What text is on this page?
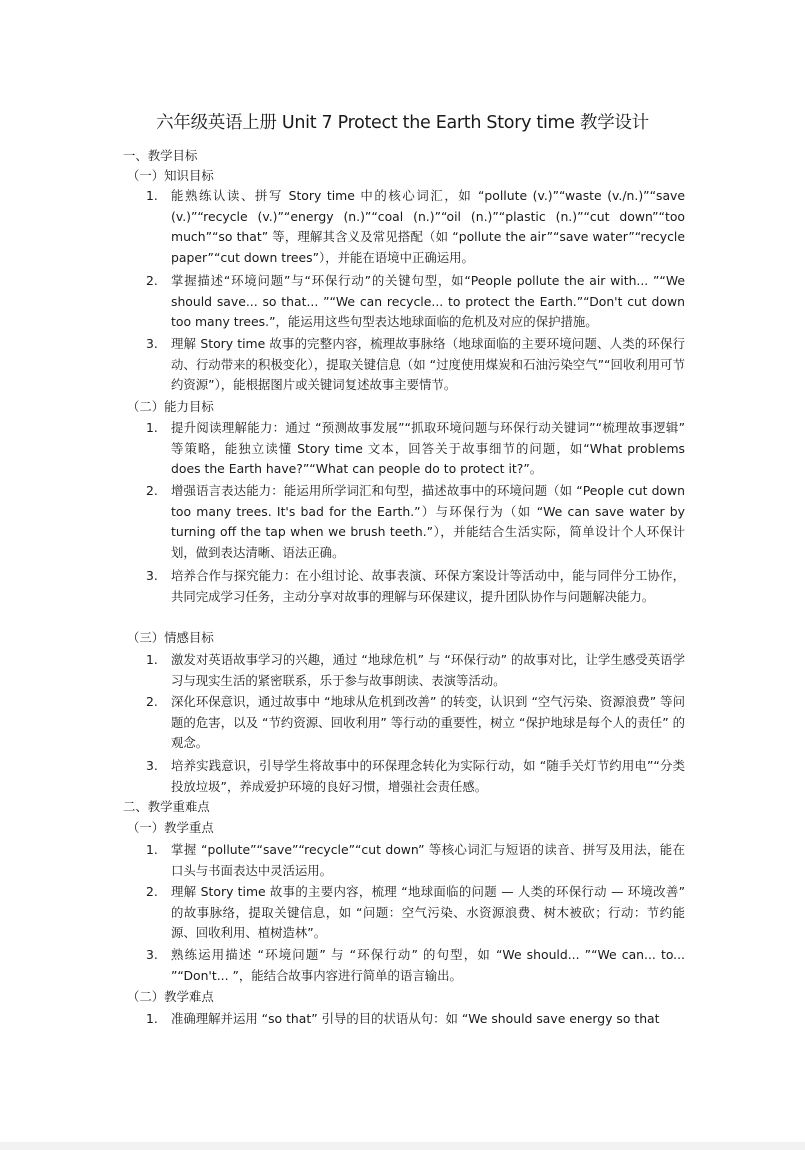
六年级英语上册 Unit 7 Protect the Earth Story time 教学设计
一、教学目标
（一）知识目标
1.	能熟练认读、拼写 Story time 中的核心词汇，如 “pollute (v.)”“waste (v./n.)”“save (v.)”“recycle (v.)”“energy (n.)”“coal (n.)”“oil (n.)”“plastic (n.)”“cut down”“too much”“so that” 等，理解其含义及常见搭配（如 “pollute the air”“save water”“recycle paper”“cut down trees”），并能在语境中正确运用。
2.	掌握描述“环境问题”与“环保行动”的关键句型，如“People pollute the air with... ”“We should save... so that... ”“We can recycle... to protect the Earth.”“Don't cut down too many trees.”，能运用这些句型表达地球面临的危机及对应的保护措施。
3.	理解 Story time 故事的完整内容，梳理故事脉络（地球面临的主要环境问题、人类的环保行动、行动带来的积极变化），提取关键信息（如 “过度使用煤炭和石油污染空气”“回收利用可节约资源”），能根据图片或关键词复述故事主要情节。
（二）能力目标
1.	提升阅读理解能力：通过 “预测故事发展”“抓取环境问题与环保行动关键词”“梳理故事逻辑” 等策略，能独立读懂 Story time 文本，回答关于故事细节的问题，如“What problems does the Earth have?”“What can people do to protect it?”。
2.	增强语言表达能力：能运用所学词汇和句型，描述故事中的环境问题（如 “People cut down too many trees. It's bad for the Earth.”）与环保行为（如 “We can save water by turning off the tap when we brush teeth.”），并能结合生活实际，简单设计个人环保计划，做到表达清晰、语法正确。
3.	培养合作与探究能力：在小组讨论、故事表演、环保方案设计等活动中，能与同伴分工协作，共同完成学习任务，主动分享对故事的理解与环保建议，提升团队协作与问题解决能力。
（三）情感目标
1.	激发对英语故事学习的兴趣，通过 “地球危机” 与 “环保行动” 的故事对比，让学生感受英语学习与现实生活的紧密联系，乐于参与故事朗读、表演等活动。
2.	深化环保意识，通过故事中 “地球从危机到改善” 的转变，认识到 “空气污染、资源浪费” 等问题的危害，以及 “节约资源、回收利用” 等行动的重要性，树立 “保护地球是每个人的责任” 的观念。
3.	培养实践意识，引导学生将故事中的环保理念转化为实际行动，如 “随手关灯节约用电”“分类投放垃圾”，养成爱护环境的良好习惯，增强社会责任感。
二、教学重难点
（一）教学重点
1.	掌握 “pollute”“save”“recycle”“cut down” 等核心词汇与短语的读音、拼写及用法，能在口头与书面表达中灵活运用。
2.	理解 Story time 故事的主要内容，梳理 “地球面临的问题 — 人类的环保行动 — 环境改善” 的故事脉络，提取关键信息，如 “问题：空气污染、水资源浪费、树木被砍；行动：节约能源、回收利用、植树造林”。
3.	熟练运用描述 “环境问题” 与 “环保行动” 的句型，如 “We should... ”“We can... to... ”“Don't... ”，能结合故事内容进行简单的语言输出。
（二）教学难点
1.	准确理解并运用 “so that” 引导的目的状语从句：如 “We should save energy so that
